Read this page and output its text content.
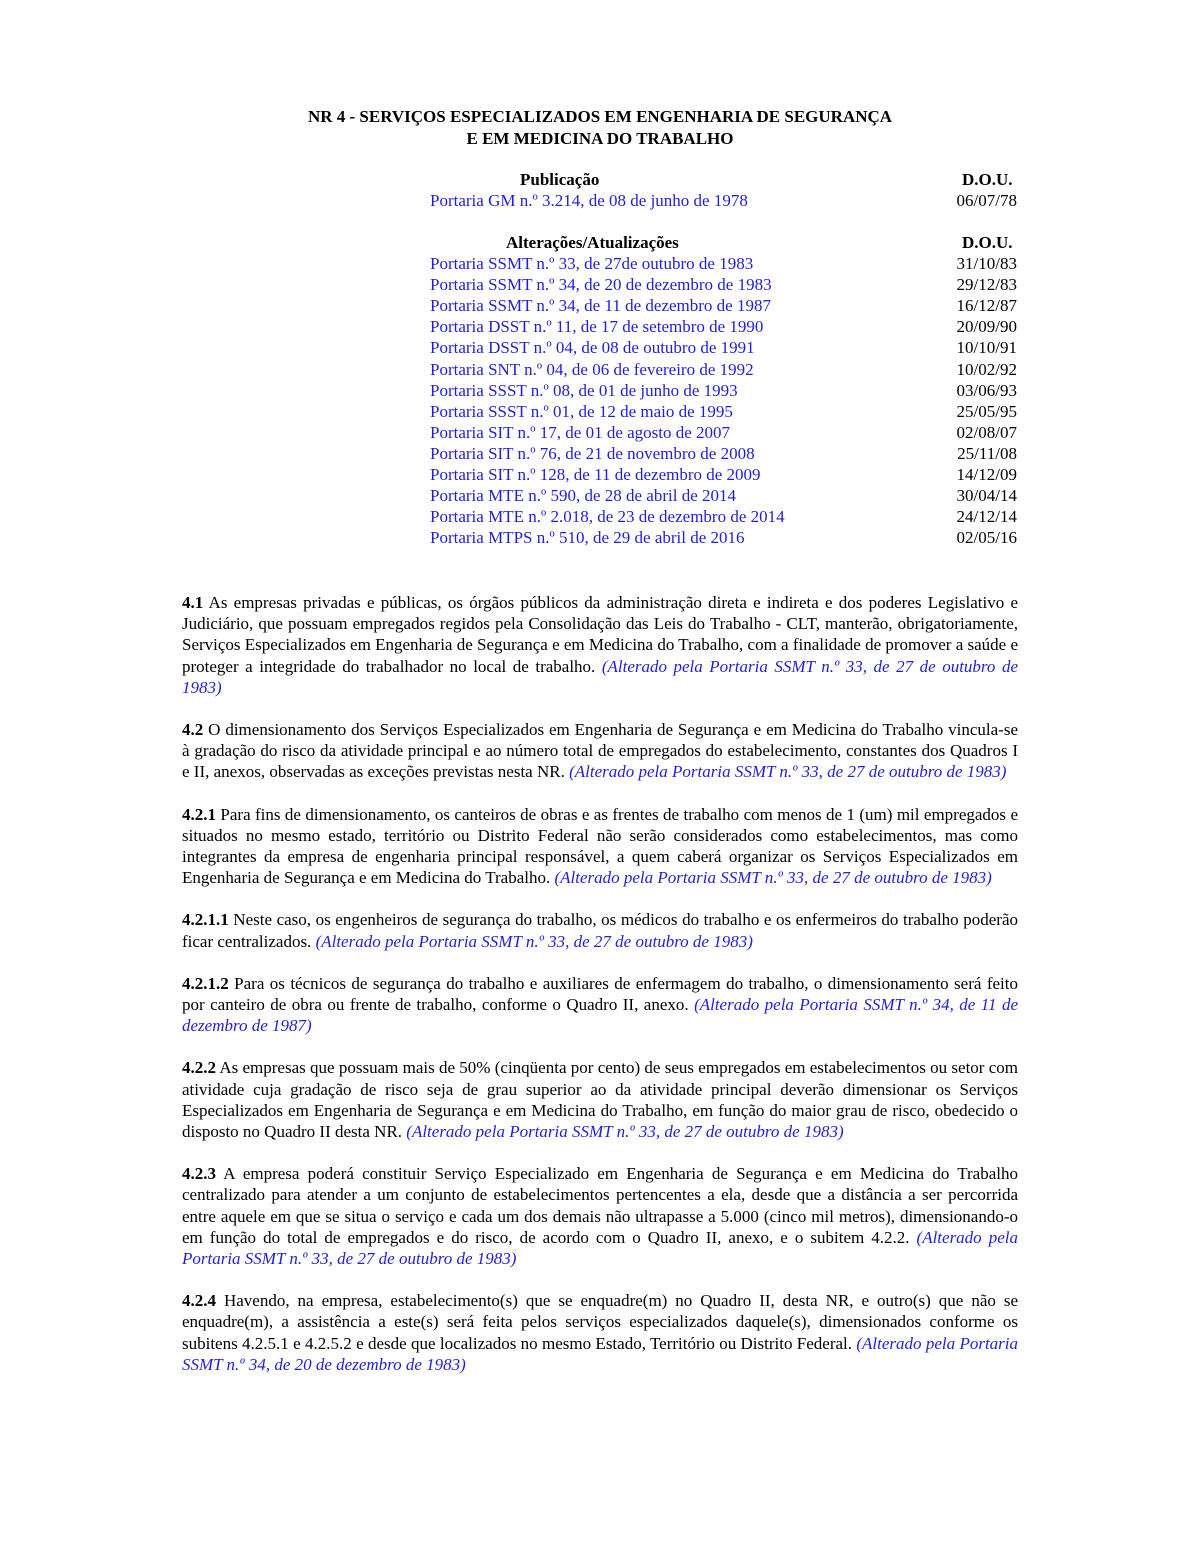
NR 4 - SERVIÇOS ESPECIALIZADOS EM ENGENHARIA DE SEGURANÇA
E EM MEDICINA DO TRABALHO
Publicação	D.O.U.
Portaria GM n.º 3.214, de 08 de junho de 1978	06/07/78
Alterações/Atualizações	D.O.U.
Portaria SSMT n.º 33, de 27de outubro de 1983	31/10/83
Portaria SSMT n.º 34, de 20 de dezembro de 1983	29/12/83
Portaria SSMT n.º 34, de 11 de dezembro de 1987	16/12/87
Portaria DSST n.º 11, de 17 de setembro de 1990	20/09/90
Portaria DSST n.º 04, de 08 de outubro de 1991	10/10/91
Portaria SNT n.º 04, de 06 de fevereiro de 1992	10/02/92
Portaria SSST n.º 08, de 01 de junho de 1993	03/06/93
Portaria SSST n.º 01, de 12 de maio de 1995	25/05/95
Portaria SIT n.º 17, de 01 de agosto de 2007	02/08/07
Portaria SIT n.º 76, de 21 de novembro de 2008	25/11/08
Portaria SIT n.º 128, de 11 de dezembro de 2009	14/12/09
Portaria MTE n.º 590, de 28 de abril de 2014	30/04/14
Portaria MTE n.º 2.018, de 23 de dezembro de 2014	24/12/14
Portaria MTPS n.º 510, de 29 de abril de 2016	02/05/16

4.1 As empresas privadas e públicas, os órgãos públicos da administração direta e indireta e dos poderes Legislativo e Judiciário, que possuam empregados regidos pela Consolidação das Leis do Trabalho - CLT, manterão, obrigatoriamente, Serviços Especializados em Engenharia de Segurança e em Medicina do Trabalho, com a finalidade de promover a saúde e proteger a integridade do trabalhador no local de trabalho. (Alterado pela Portaria SSMT n.º 33, de 27 de outubro de 1983)

4.2 O dimensionamento dos Serviços Especializados em Engenharia de Segurança e em Medicina do Trabalho vincula-se à gradação do risco da atividade principal e ao número total de empregados do estabelecimento, constantes dos Quadros I e II, anexos, observadas as exceções previstas nesta NR. (Alterado pela Portaria SSMT n.º 33, de 27 de outubro de 1983)

4.2.1 Para fins de dimensionamento, os canteiros de obras e as frentes de trabalho com menos de 1 (um) mil empregados e situados no mesmo estado, território ou Distrito Federal não serão considerados como estabelecimentos, mas como integrantes da empresa de engenharia principal responsável, a quem caberá organizar os Serviços Especializados em Engenharia de Segurança e em Medicina do Trabalho. (Alterado pela Portaria SSMT n.º 33, de 27 de outubro de 1983)

4.2.1.1 Neste caso, os engenheiros de segurança do trabalho, os médicos do trabalho e os enfermeiros do trabalho poderão ficar centralizados. (Alterado pela Portaria SSMT n.º 33, de 27 de outubro de 1983)

4.2.1.2 Para os técnicos de segurança do trabalho e auxiliares de enfermagem do trabalho, o dimensionamento será feito por canteiro de obra ou frente de trabalho, conforme o Quadro II, anexo. (Alterado pela Portaria SSMT n.º 34, de 11 de dezembro de 1987)

4.2.2 As empresas que possuam mais de 50% (cinqüenta por cento) de seus empregados em estabelecimentos ou setor com atividade cuja gradação de risco seja de grau superior ao da atividade principal deverão dimensionar os Serviços Especializados em Engenharia de Segurança e em Medicina do Trabalho, em função do maior grau de risco, obedecido o disposto no Quadro II desta NR. (Alterado pela Portaria SSMT n.º 33, de 27 de outubro de 1983)

4.2.3 A empresa poderá constituir Serviço Especializado em Engenharia de Segurança e em Medicina do Trabalho centralizado para atender a um conjunto de estabelecimentos pertencentes a ela, desde que a distância a ser percorrida entre aquele em que se situa o serviço e cada um dos demais não ultrapasse a 5.000 (cinco mil metros), dimensionando-o em função do total de empregados e do risco, de acordo com o Quadro II, anexo, e o subitem 4.2.2. (Alterado pela Portaria SSMT n.º 33, de 27 de outubro de 1983)

4.2.4 Havendo, na empresa, estabelecimento(s) que se enquadre(m) no Quadro II, desta NR, e outro(s) que não se enquadre(m), a assistência a este(s) será feita pelos serviços especializados daquele(s), dimensionados conforme os subitens 4.2.5.1 e 4.2.5.2 e desde que localizados no mesmo Estado, Território ou Distrito Federal. (Alterado pela Portaria SSMT n.º 34, de 20 de dezembro de 1983)
